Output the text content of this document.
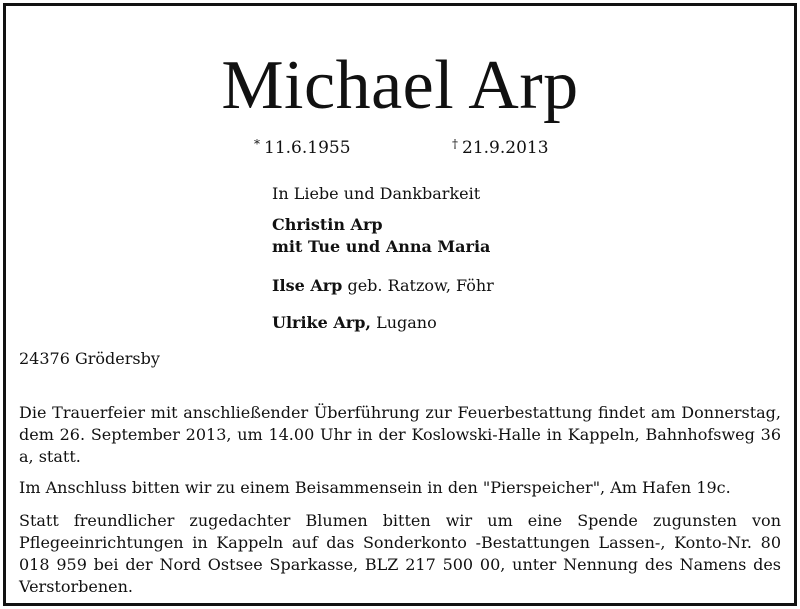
Michael Arp
* 11.6.1955	† 21.9.2013
In Liebe und Dankbarkeit
Christin Arp
mit Tue und Anna Maria
Ilse Arp geb. Ratzow, Föhr
Ulrike Arp, Lugano
24376 Grödersby
Die Trauerfeier mit anschließender Überführung zur Feuerbestattung findet am Donnerstag, dem 26. September 2013, um 14.00 Uhr in der Koslowski-Halle in Kappeln, Bahnhofsweg 36 a, statt.
Im Anschluss bitten wir zu einem Beisammensein in den "Pierspeicher", Am Hafen 19c.
Statt freundlicher zugedachter Blumen bitten wir um eine Spende zugunsten von Pflegeeinrichtungen in Kappeln auf das Sonderkonto -Bestattungen Lassen-, Konto-Nr. 80 018 959 bei der Nord Ostsee Sparkasse, BLZ 217 500 00, unter Nennung des Namens des Verstorbenen.
